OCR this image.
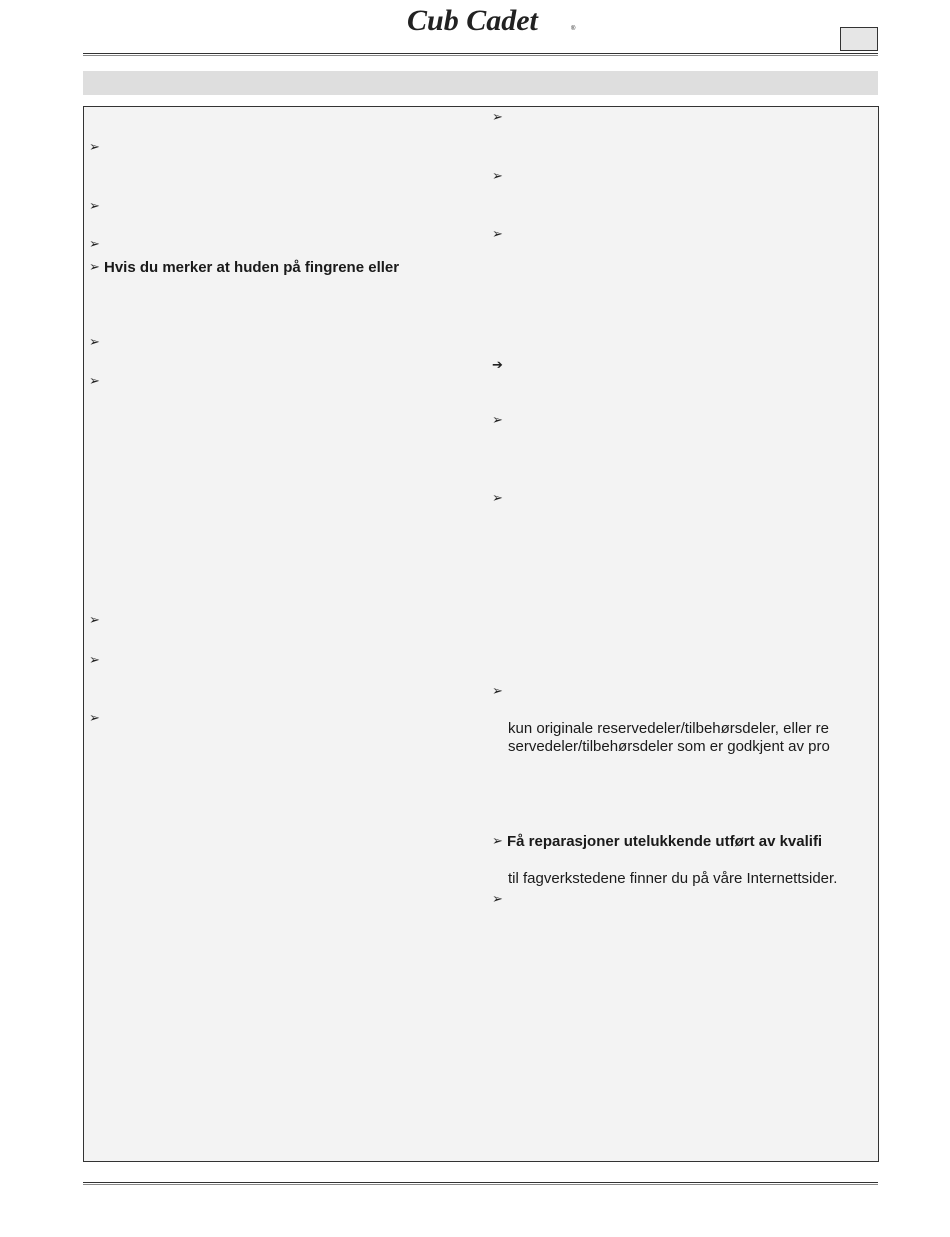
Cub Cadet	®
➢
➢
➢
➢ Hvis du merker at huden på fingrene eller
➢
➢
➢
➢
➢
➢
➢
➢
➔
➢
➢
➢
kun originale reservedeler/tilbehørsdeler, eller re
servedeler/tilbehørsdeler som er godkjent av pro
➢ Få reparasjoner utelukkende utført av kvalifi
til fagverkstedene finner du på våre Internettsider.
➢
